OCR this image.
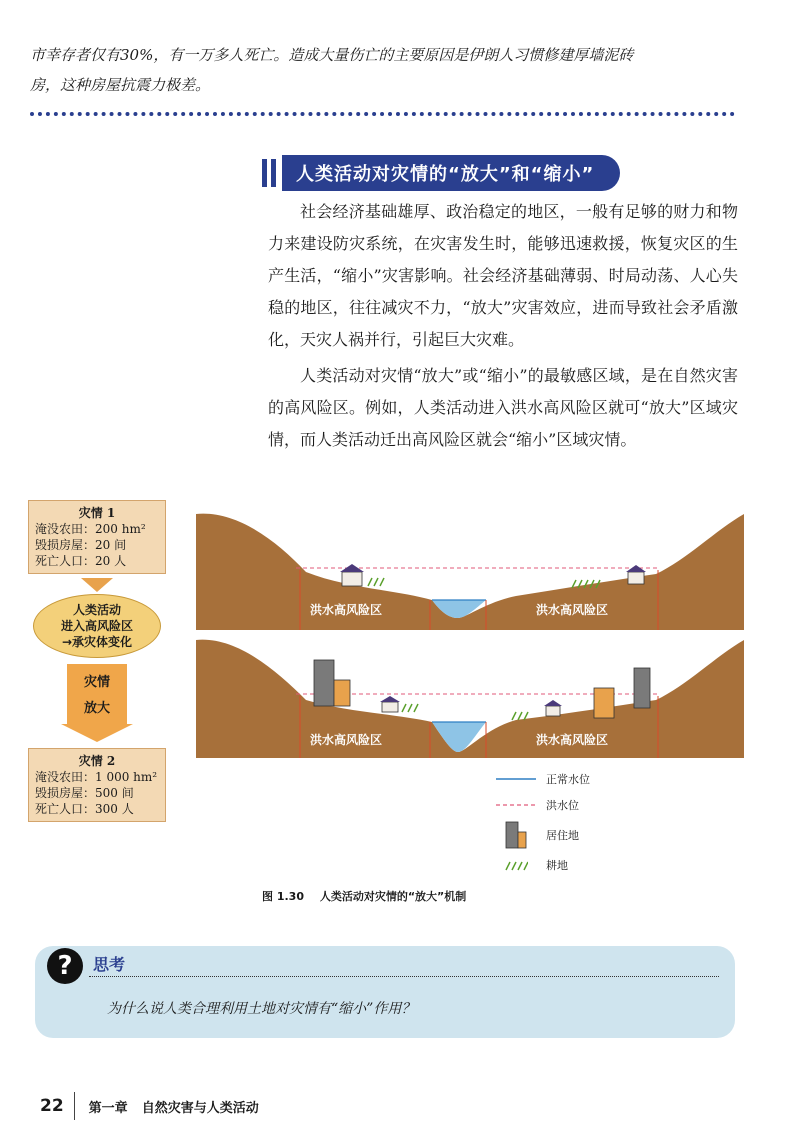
市幸存者仅有30%，有一万多人死亡。造成大量伤亡的主要原因是伊朗人习惯修建厚墙泥砖
房，这种房屋抗震力极差。
人类活动对灾情的“放大”和“缩小”

社会经济基础雄厚、政治稳定的地区，一般有足够的财力和物力来建设防灾系统，在灾害发生时，能够迅速救援，恢复灾区的生产生活，“缩小”灾害影响。社会经济基础薄弱、时局动荡、人心失稳的地区，往往减灾不力，“放大”灾害效应，进而导致社会矛盾激化，天灾人祸并行，引起巨大灾难。

人类活动对灾情“放大”或“缩小”的最敏感区域，是在自然灾害的高风险区。例如，人类活动进入洪水高风险区就可“放大”区域灾情，而人类活动迁出高风险区就会“缩小”区域灾情。

灾情 1
淹没农田：200 hm²
毁损房屋：20 间
死亡人口：20 人
人类活动
进入高风险区
→承灾体变化
灾情
放大
灾情 2
淹没农田：1 000 hm²
毁损房屋：500 间
死亡人口：300 人
洪水高风险区	洪水高风险区
洪水高风险区	洪水高风险区
正常水位
洪水位
居住地
耕地
图 1.30 人类活动对灾情的“放大”机制
?	思考
为什么说人类合理利用土地对灾情有“缩小”作用？
22 第一章 自然灾害与人类活动
